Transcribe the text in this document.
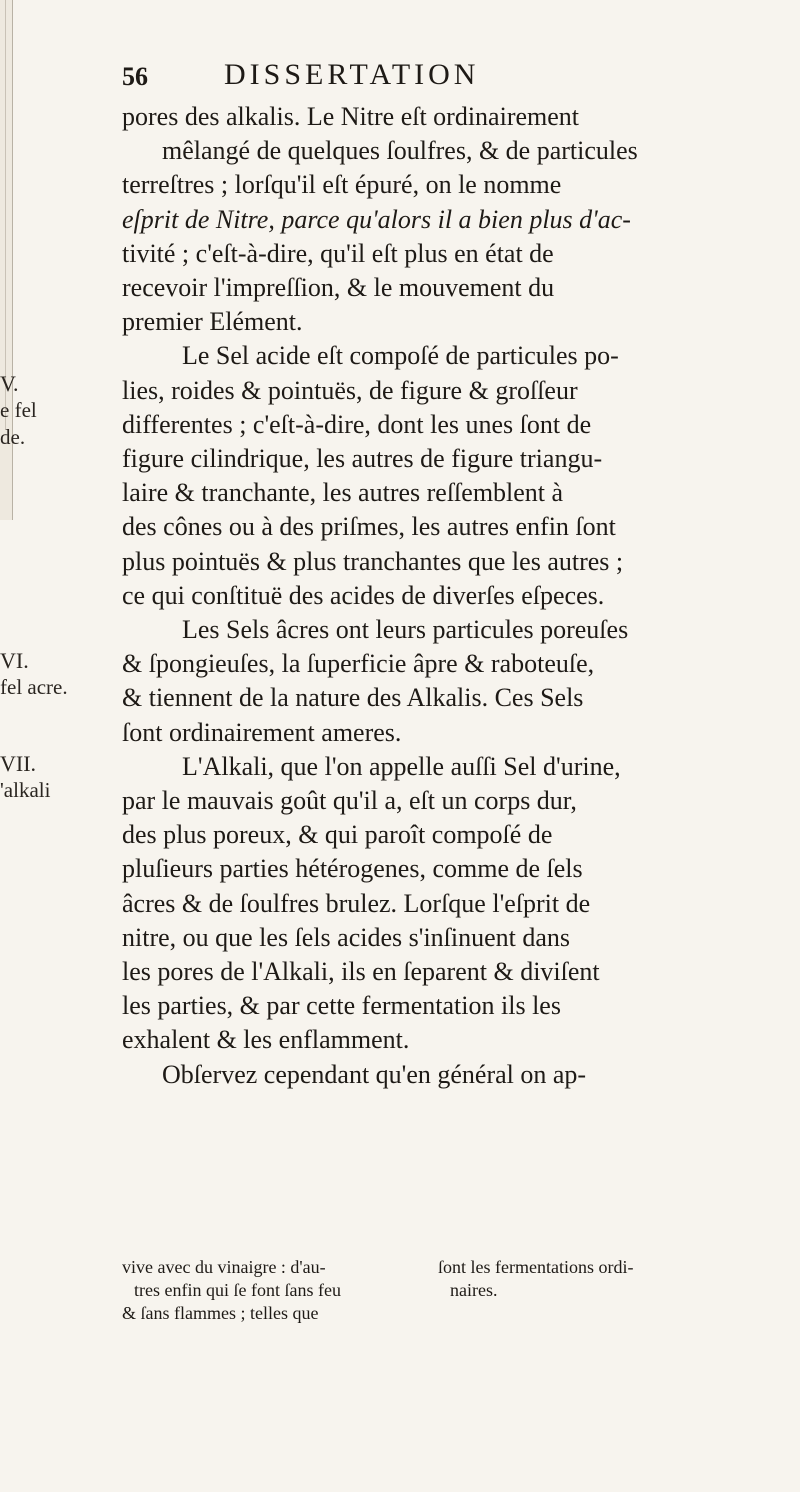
56	DISSERTATION
V.
e fel
de.
VI.
fel acre.
VII.
'alkali
pores des alkalis. Le Nitre eſt ordinairement
mêlangé de quelques ſoulfres, & de particules
terreſtres ; lorſqu'il eſt épuré, on le nomme
eſprit de Nitre, parce qu'alors il a bien plus d'ac-
tivité ; c'eſt-à-dire, qu'il eſt plus en état de
recevoir l'impreſſion, & le mouvement du
premier Elément.
Le Sel acide eſt compoſé de particules po-
lies, roides & pointuës, de figure & groſſeur
differentes ; c'eſt-à-dire, dont les unes ſont de
figure cilindrique, les autres de figure triangu-
laire & tranchante, les autres reſſemblent à
des cônes ou à des priſmes, les autres enfin ſont
plus pointuës & plus tranchantes que les autres ;
ce qui conſtituë des acides de diverſes eſpeces.
Les Sels âcres ont leurs particules poreuſes
& ſpongieuſes, la ſuperficie âpre & raboteuſe,
& tiennent de la nature des Alkalis. Ces Sels
ſont ordinairement ameres.
L'Alkali, que l'on appelle auſſi Sel d'urine,
par le mauvais goût qu'il a, eſt un corps dur,
des plus poreux, & qui paroît compoſé de
pluſieurs parties hétérogenes, comme de ſels
âcres & de ſoulfres brulez. Lorſque l'eſprit de
nitre, ou que les ſels acides s'inſinuent dans
les pores de l'Alkali, ils en ſeparent & diviſent
les parties, & par cette fermentation ils les
exhalent & les enflamment.
Obſervez cependant qu'en général on ap-
vive avec du vinaigre : d'au-	ſont les fermentations ordi-
tres enfin qui ſe font ſans feu	naires.
& ſans flammes ; telles que
